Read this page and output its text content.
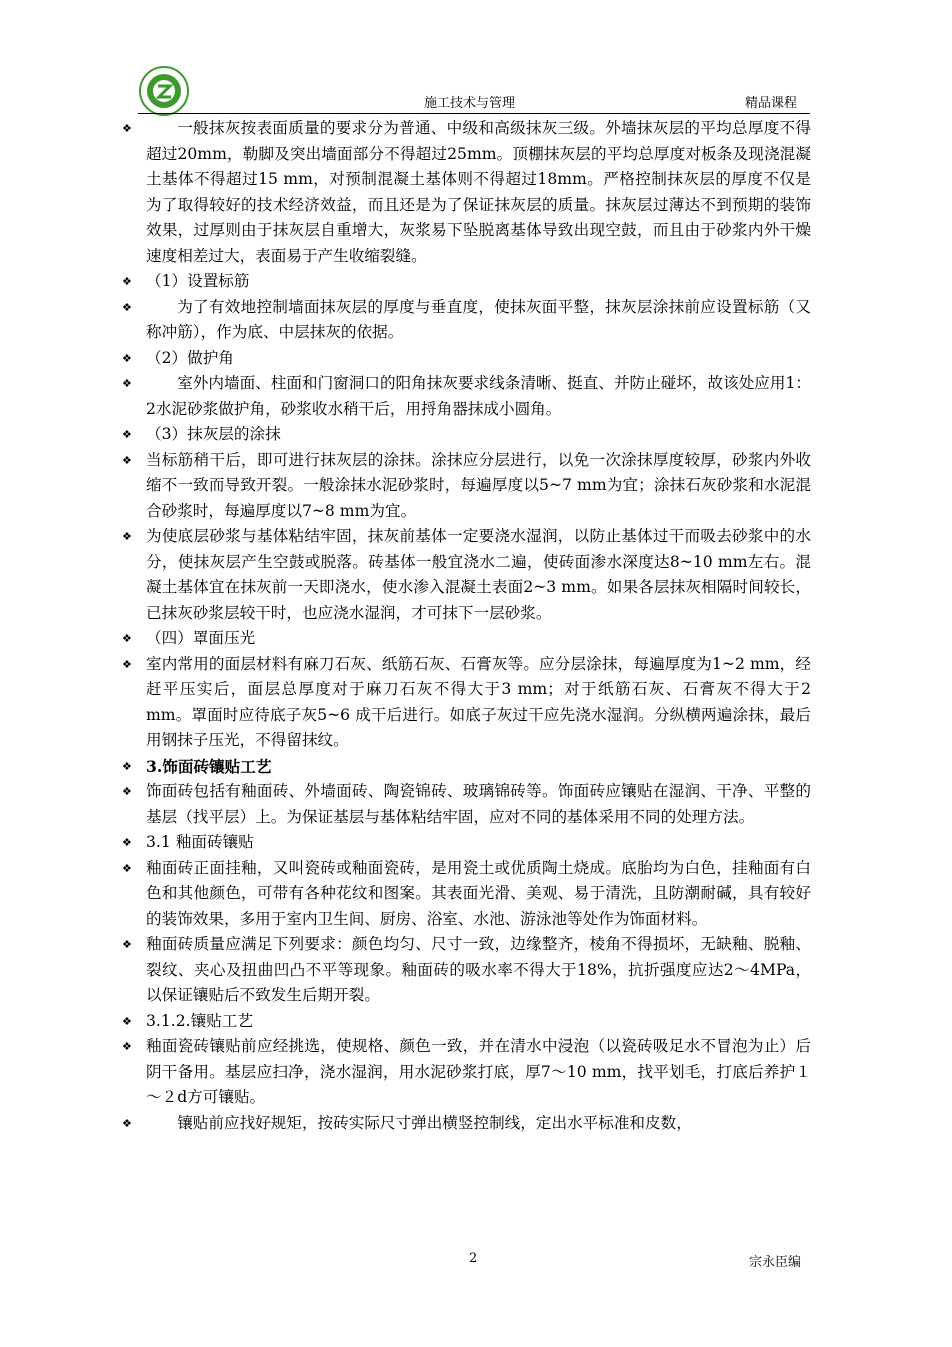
施工技术与管理	精品课程
❖	一般抹灰按表面质量的要求分为普通、中级和高级抹灰三级。外墙抹灰层的平均总厚度不得超过20mm，勒脚及突出墙面部分不得超过25mm。顶棚抹灰层的平均总厚度对板条及现浇混凝土基体不得超过15 mm，对预制混凝土基体则不得超过18mm。严格控制抹灰层的厚度不仅是为了取得较好的技术经济效益，而且还是为了保证抹灰层的质量。抹灰层过薄达不到预期的装饰效果，过厚则由于抹灰层自重增大，灰浆易下坠脱离基体导致出现空鼓，而且由于砂浆内外干燥速度相差过大，表面易于产生收缩裂缝。
❖ （1）设置标筋
❖	为了有效地控制墙面抹灰层的厚度与垂直度，使抹灰面平整，抹灰层涂抹前应设置标筋（又称冲筋），作为底、中层抹灰的依据。
❖ （2）做护角
❖	室外内墙面、柱面和门窗洞口的阳角抹灰要求线条清晰、挺直、并防止碰坏，故该处应用1：2水泥砂浆做护角，砂浆收水稍干后，用捋角器抹成小圆角。
❖ （3）抹灰层的涂抹
❖ 当标筋稍干后，即可进行抹灰层的涂抹。涂抹应分层进行，以免一次涂抹厚度较厚，砂浆内外收缩不一致而导致开裂。一般涂抹水泥砂浆时，每遍厚度以5~7 mm为宜；涂抹石灰砂浆和水泥混合砂浆时，每遍厚度以7~8 mm为宜。
❖ 为使底层砂浆与基体粘结牢固，抹灰前基体一定要浇水湿润，以防止基体过干而吸去砂浆中的水分，使抹灰层产生空鼓或脱落。砖基体一般宜浇水二遍，使砖面渗水深度达8~10 mm左右。混凝土基体宜在抹灰前一天即浇水，使水渗入混凝土表面2~3 mm。如果各层抹灰相隔时间较长，已抹灰砂浆层较干时，也应浇水湿润，才可抹下一层砂浆。
❖ （四）罩面压光
❖ 室内常用的面层材料有麻刀石灰、纸筋石灰、石膏灰等。应分层涂抹，每遍厚度为1~2 mm，经赶平压实后，面层总厚度对于麻刀石灰不得大于3 mm；对于纸筋石灰、石膏灰不得大于2 mm。罩面时应待底子灰5~6 成干后进行。如底子灰过干应先浇水湿润。分纵横两遍涂抹，最后用钢抹子压光，不得留抹纹。
❖ 3.饰面砖镶贴工艺
❖ 饰面砖包括有釉面砖、外墙面砖、陶瓷锦砖、玻璃锦砖等。饰面砖应镶贴在湿润、干净、平整的基层（找平层）上。为保证基层与基体粘结牢固，应对不同的基体采用不同的处理方法。
❖ 3.1 釉面砖镶贴
❖ 釉面砖正面挂釉，又叫瓷砖或釉面瓷砖，是用瓷土或优质陶土烧成。底胎均为白色，挂釉面有白色和其他颜色，可带有各种花纹和图案。其表面光滑、美观、易于清洗，且防潮耐碱，具有较好的装饰效果，多用于室内卫生间、厨房、浴室、水池、游泳池等处作为饰面材料。
❖ 釉面砖质量应满足下列要求：颜色均匀、尺寸一致，边缘整齐，棱角不得损坏，无缺釉、脱釉、裂纹、夹心及扭曲凹凸不平等现象。釉面砖的吸水率不得大于18%，抗折强度应达2～4MPa，以保证镶贴后不致发生后期开裂。
❖ 3.1.2.镶贴工艺
❖ 釉面瓷砖镶贴前应经挑选，使规格、颜色一致，并在清水中浸泡（以瓷砖吸足水不冒泡为止）后阴干备用。基层应扫净，浇水湿润，用水泥砂浆打底，厚7～10 mm，找平划毛，打底后养护１～２d方可镶贴。
❖	镶贴前应找好规矩，按砖实际尺寸弹出横竖控制线，定出水平标准和皮数，
2	宗永臣编
